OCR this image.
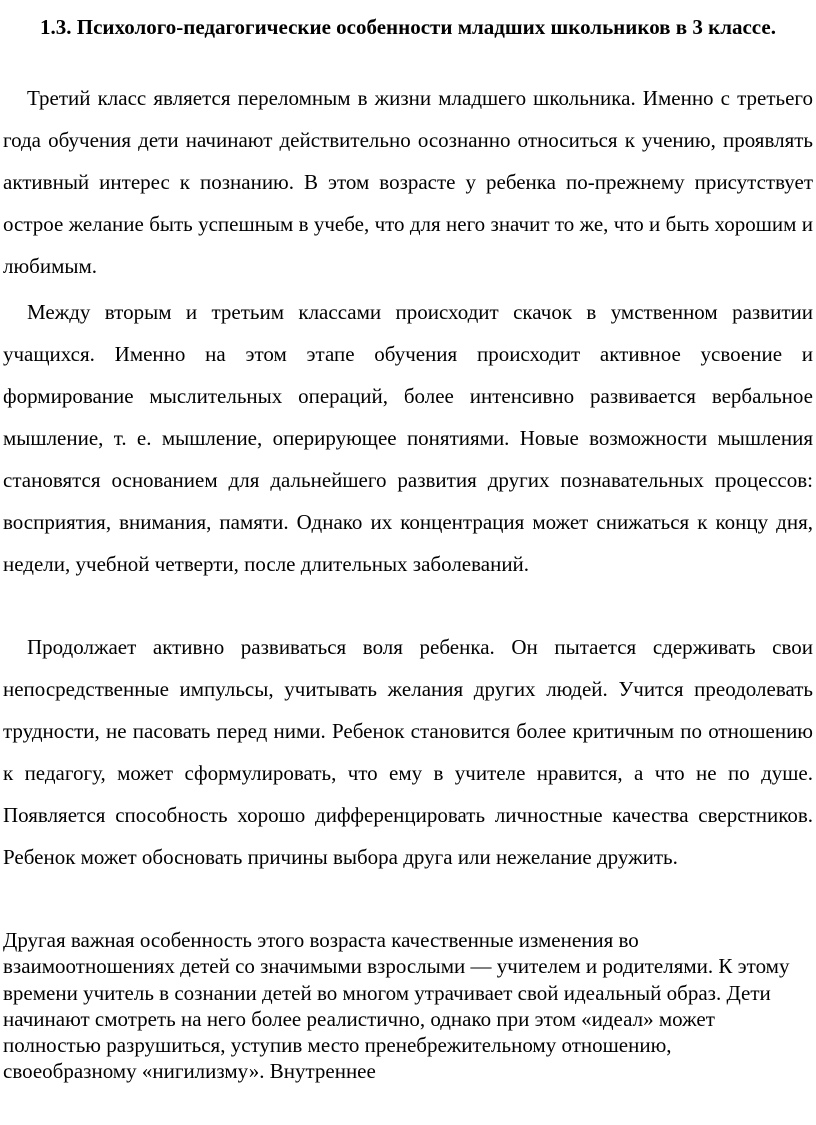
1.3. Психолого-педагогические особенности младших школьников в 3 классе.

Третий класс является переломным в жизни младшего школьника. Именно с третьего года обучения дети начинают действительно осознанно относиться к учению, проявлять активный интерес к познанию. В этом возрасте у ребенка по-прежнему присутствует острое желание быть успешным в учебе, что для него значит то же, что и быть хорошим и любимым.

Между вторым и третьим классами происходит скачок в умственном развитии учащихся. Именно на этом этапе обучения происходит активное усвоение и формирование мыслительных операций, более интенсивно развивается вербальное мышление, т. е. мышление, оперирующее понятиями. Новые возможности мышления становятся основанием для дальнейшего развития других познавательных процессов: восприятия, внимания, памяти. Однако их концентрация может снижаться к концу дня, недели, учебной четверти, после длительных заболеваний.

Продолжает активно развиваться воля ребенка. Он пытается сдерживать свои непосредственные импульсы, учитывать желания других людей. Учится преодолевать трудности, не пасовать перед ними. Ребенок становится более критичным по отношению к педагогу, может сформулировать, что ему в учителе нравится, а что не по душе. Появляется способность хорошо дифференцировать личностные качества сверстников. Ребенок может обосновать причины выбора друга или нежелание дружить.

Другая важная особенность этого возраста качественные изменения во взаимоотношениях детей со значимыми взрослыми — учителем и родителями. К этому времени учитель в сознании детей во многом утрачивает свой идеальный образ. Дети начинают смотреть на него более реалистично, однако при этом «идеал» может полностью разрушиться, уступив место пренебрежительному отношению, своеобразному «нигилизму». Внутреннее
